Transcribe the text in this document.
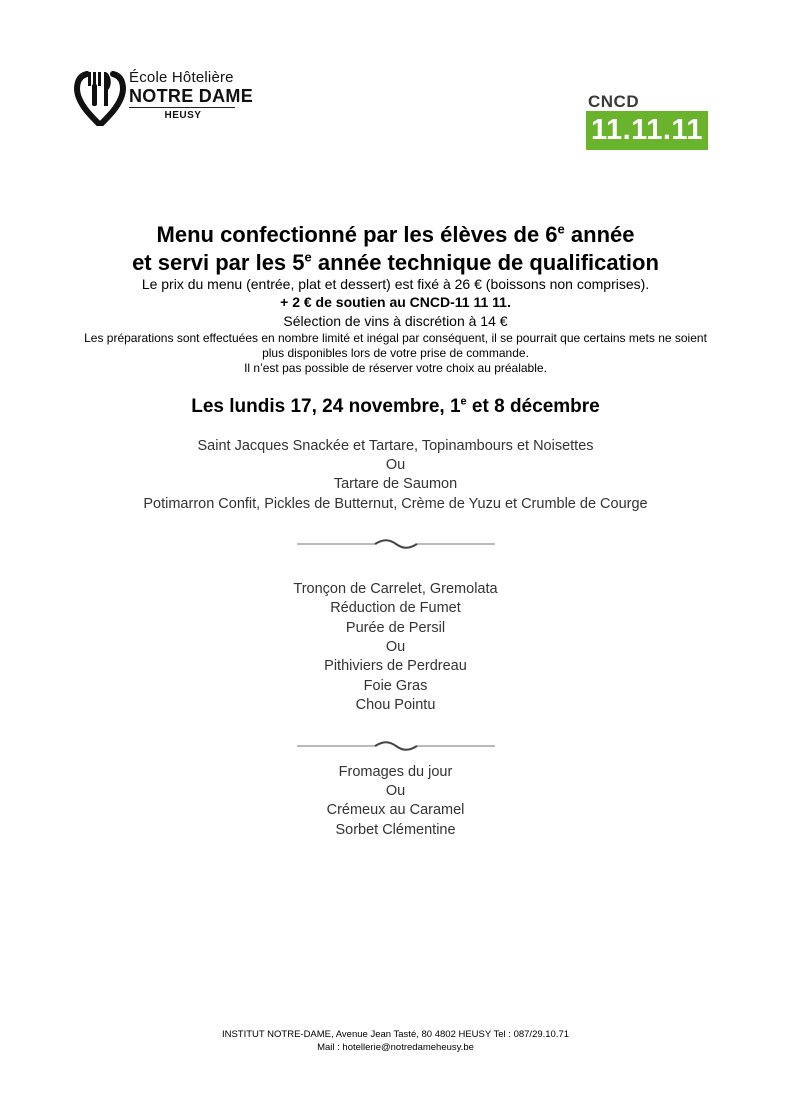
École Hôtelière
NOTRE DAME
HEUSY
CNCD
11.11.11
Menu confectionné par les élèves de 6e année
et servi par les 5e année technique de qualification
Le prix du menu (entrée, plat et dessert) est fixé à 26 € (boissons non comprises).
+ 2 € de soutien au CNCD-11 11 11.
Sélection de vins à discrétion à 14 €
Les préparations sont effectuées en nombre limité et inégal par conséquent, il se pourrait que certains mets ne soient
plus disponibles lors de votre prise de commande.
Il n’est pas possible de réserver votre choix au préalable.
Les lundis 17, 24 novembre, 1e et 8 décembre
Saint Jacques Snackée et Tartare, Topinambours et Noisettes
Ou
Tartare de Saumon
Potimarron Confit, Pickles de Butternut, Crème de Yuzu et Crumble de Courge
Tronçon de Carrelet, Gremolata
Réduction de Fumet
Purée de Persil
Ou
Pithiviers de Perdreau
Foie Gras
Chou Pointu
Fromages du jour
Ou
Crémeux au Caramel
Sorbet Clémentine
INSTITUT NOTRE-DAME, Avenue Jean Tasté, 80 4802 HEUSY Tel : 087/29.10.71
Mail : hotellerie@notredameheusy.be
